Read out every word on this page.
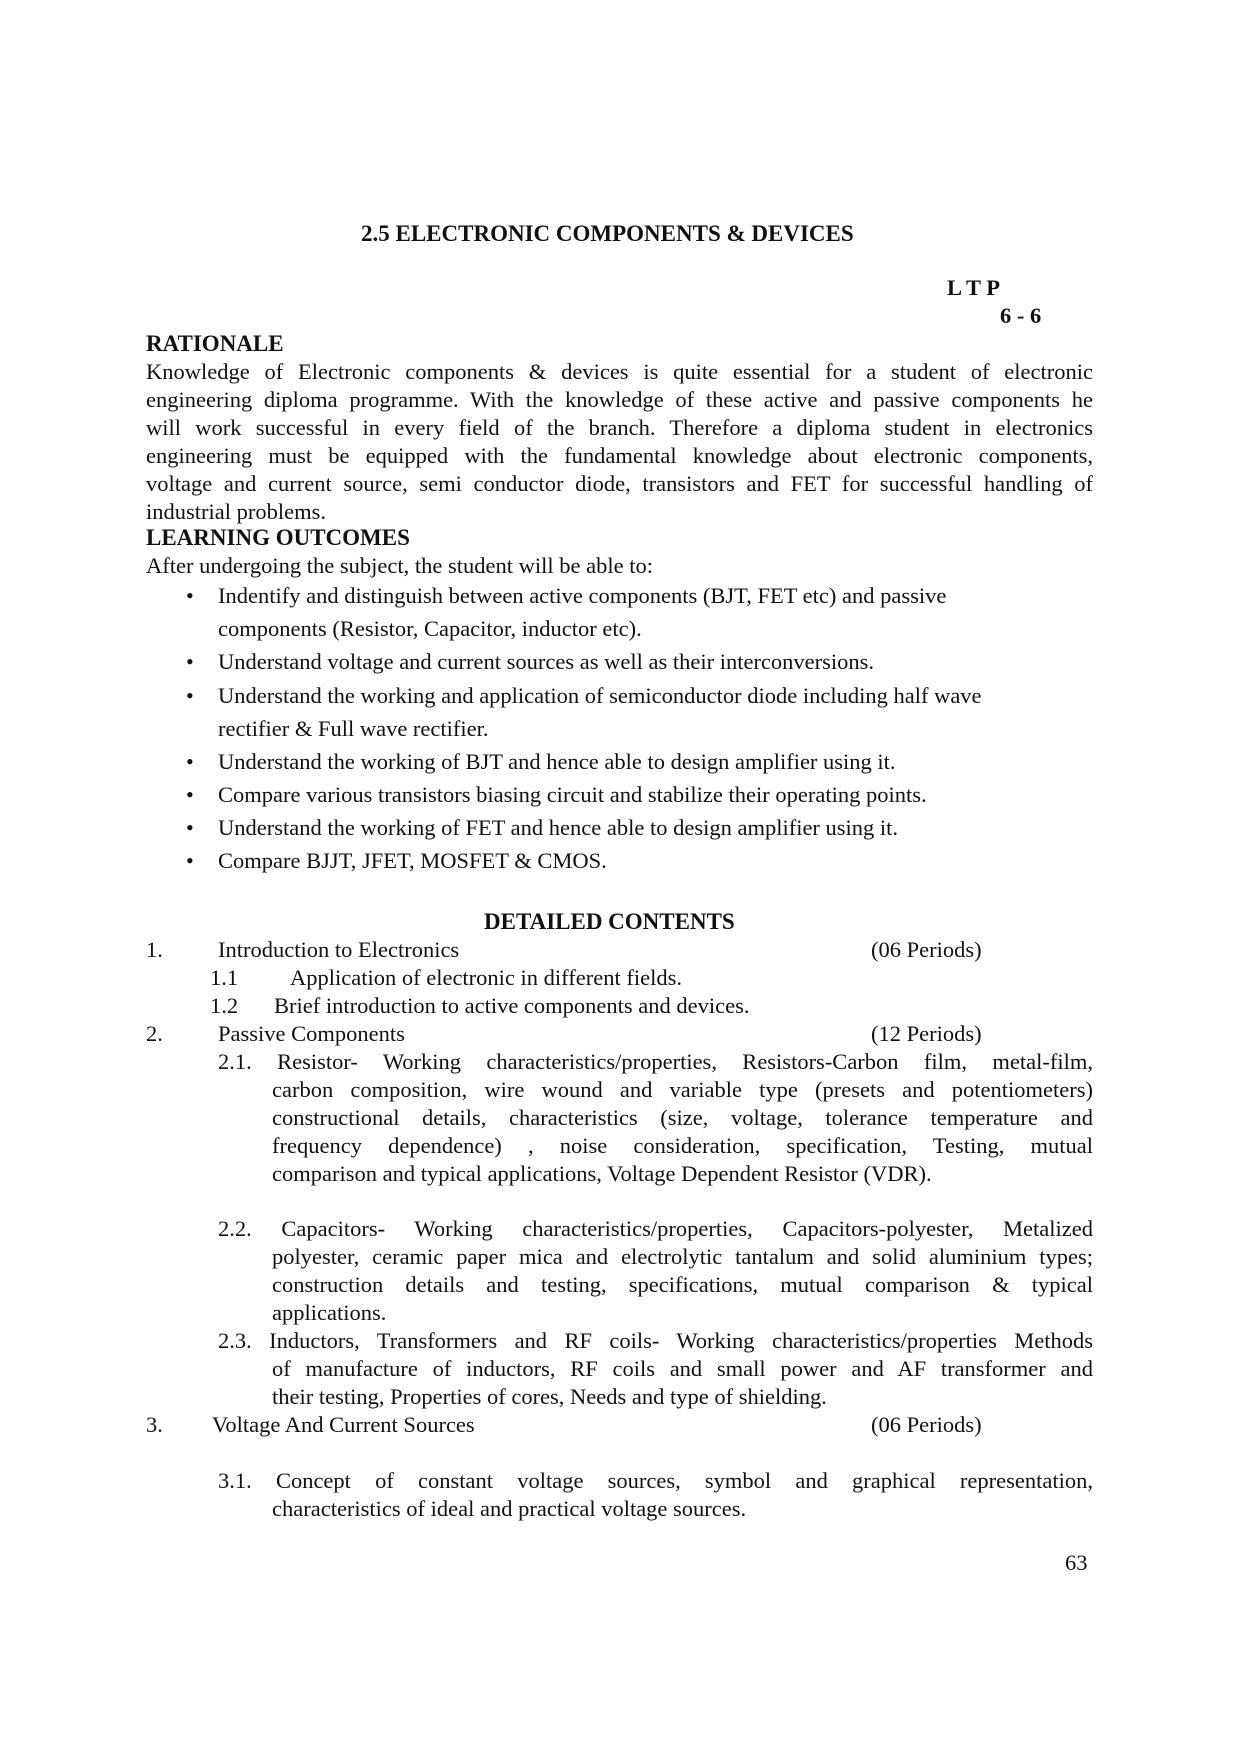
2.5 ELECTRONIC COMPONENTS & DEVICES
L T P
6 - 6
RATIONALE
Knowledge of Electronic components & devices is quite essential for a student of electronic
engineering diploma programme. With the knowledge of these active and passive components he
will work successful in every field of the branch. Therefore a diploma student in electronics
engineering must be equipped with the fundamental knowledge about electronic components,
voltage and current source, semi conductor diode, transistors and FET for successful handling of
industrial problems.
LEARNING OUTCOMES
After undergoing the subject, the student will be able to:
• Indentify and distinguish between active components (BJT, FET etc) and passive
components (Resistor, Capacitor, inductor etc).
• Understand voltage and current sources as well as their interconversions.
• Understand the working and application of semiconductor diode including half wave
rectifier & Full wave rectifier.
• Understand the working of BJT and hence able to design amplifier using it.
• Compare various transistors biasing circuit and stabilize their operating points.
• Understand the working of FET and hence able to design amplifier using it.
• Compare BJJT, JFET, MOSFET & CMOS.
DETAILED CONTENTS
1. Introduction to Electronics	(06 Periods)
1.1 Application of electronic in different fields.
1.2 Brief introduction to active components and devices.
2. Passive Components	(12 Periods)
2.1. Resistor- Working characteristics/properties, Resistors-Carbon film, metal-film,
carbon composition, wire wound and variable type (presets and potentiometers)
constructional details, characteristics (size, voltage, tolerance temperature and
frequency dependence) , noise consideration, specification, Testing, mutual
comparison and typical applications, Voltage Dependent Resistor (VDR).
2.2. Capacitors- Working characteristics/properties, Capacitors-polyester, Metalized
polyester, ceramic paper mica and electrolytic tantalum and solid aluminium types;
construction details and testing, specifications, mutual comparison & typical
applications.
2.3. Inductors, Transformers and RF coils- Working characteristics/properties Methods
of manufacture of inductors, RF coils and small power and AF transformer and
their testing, Properties of cores, Needs and type of shielding.
3. Voltage And Current Sources	(06 Periods)
3.1. Concept of constant voltage sources, symbol and graphical representation,
characteristics of ideal and practical voltage sources.
63
